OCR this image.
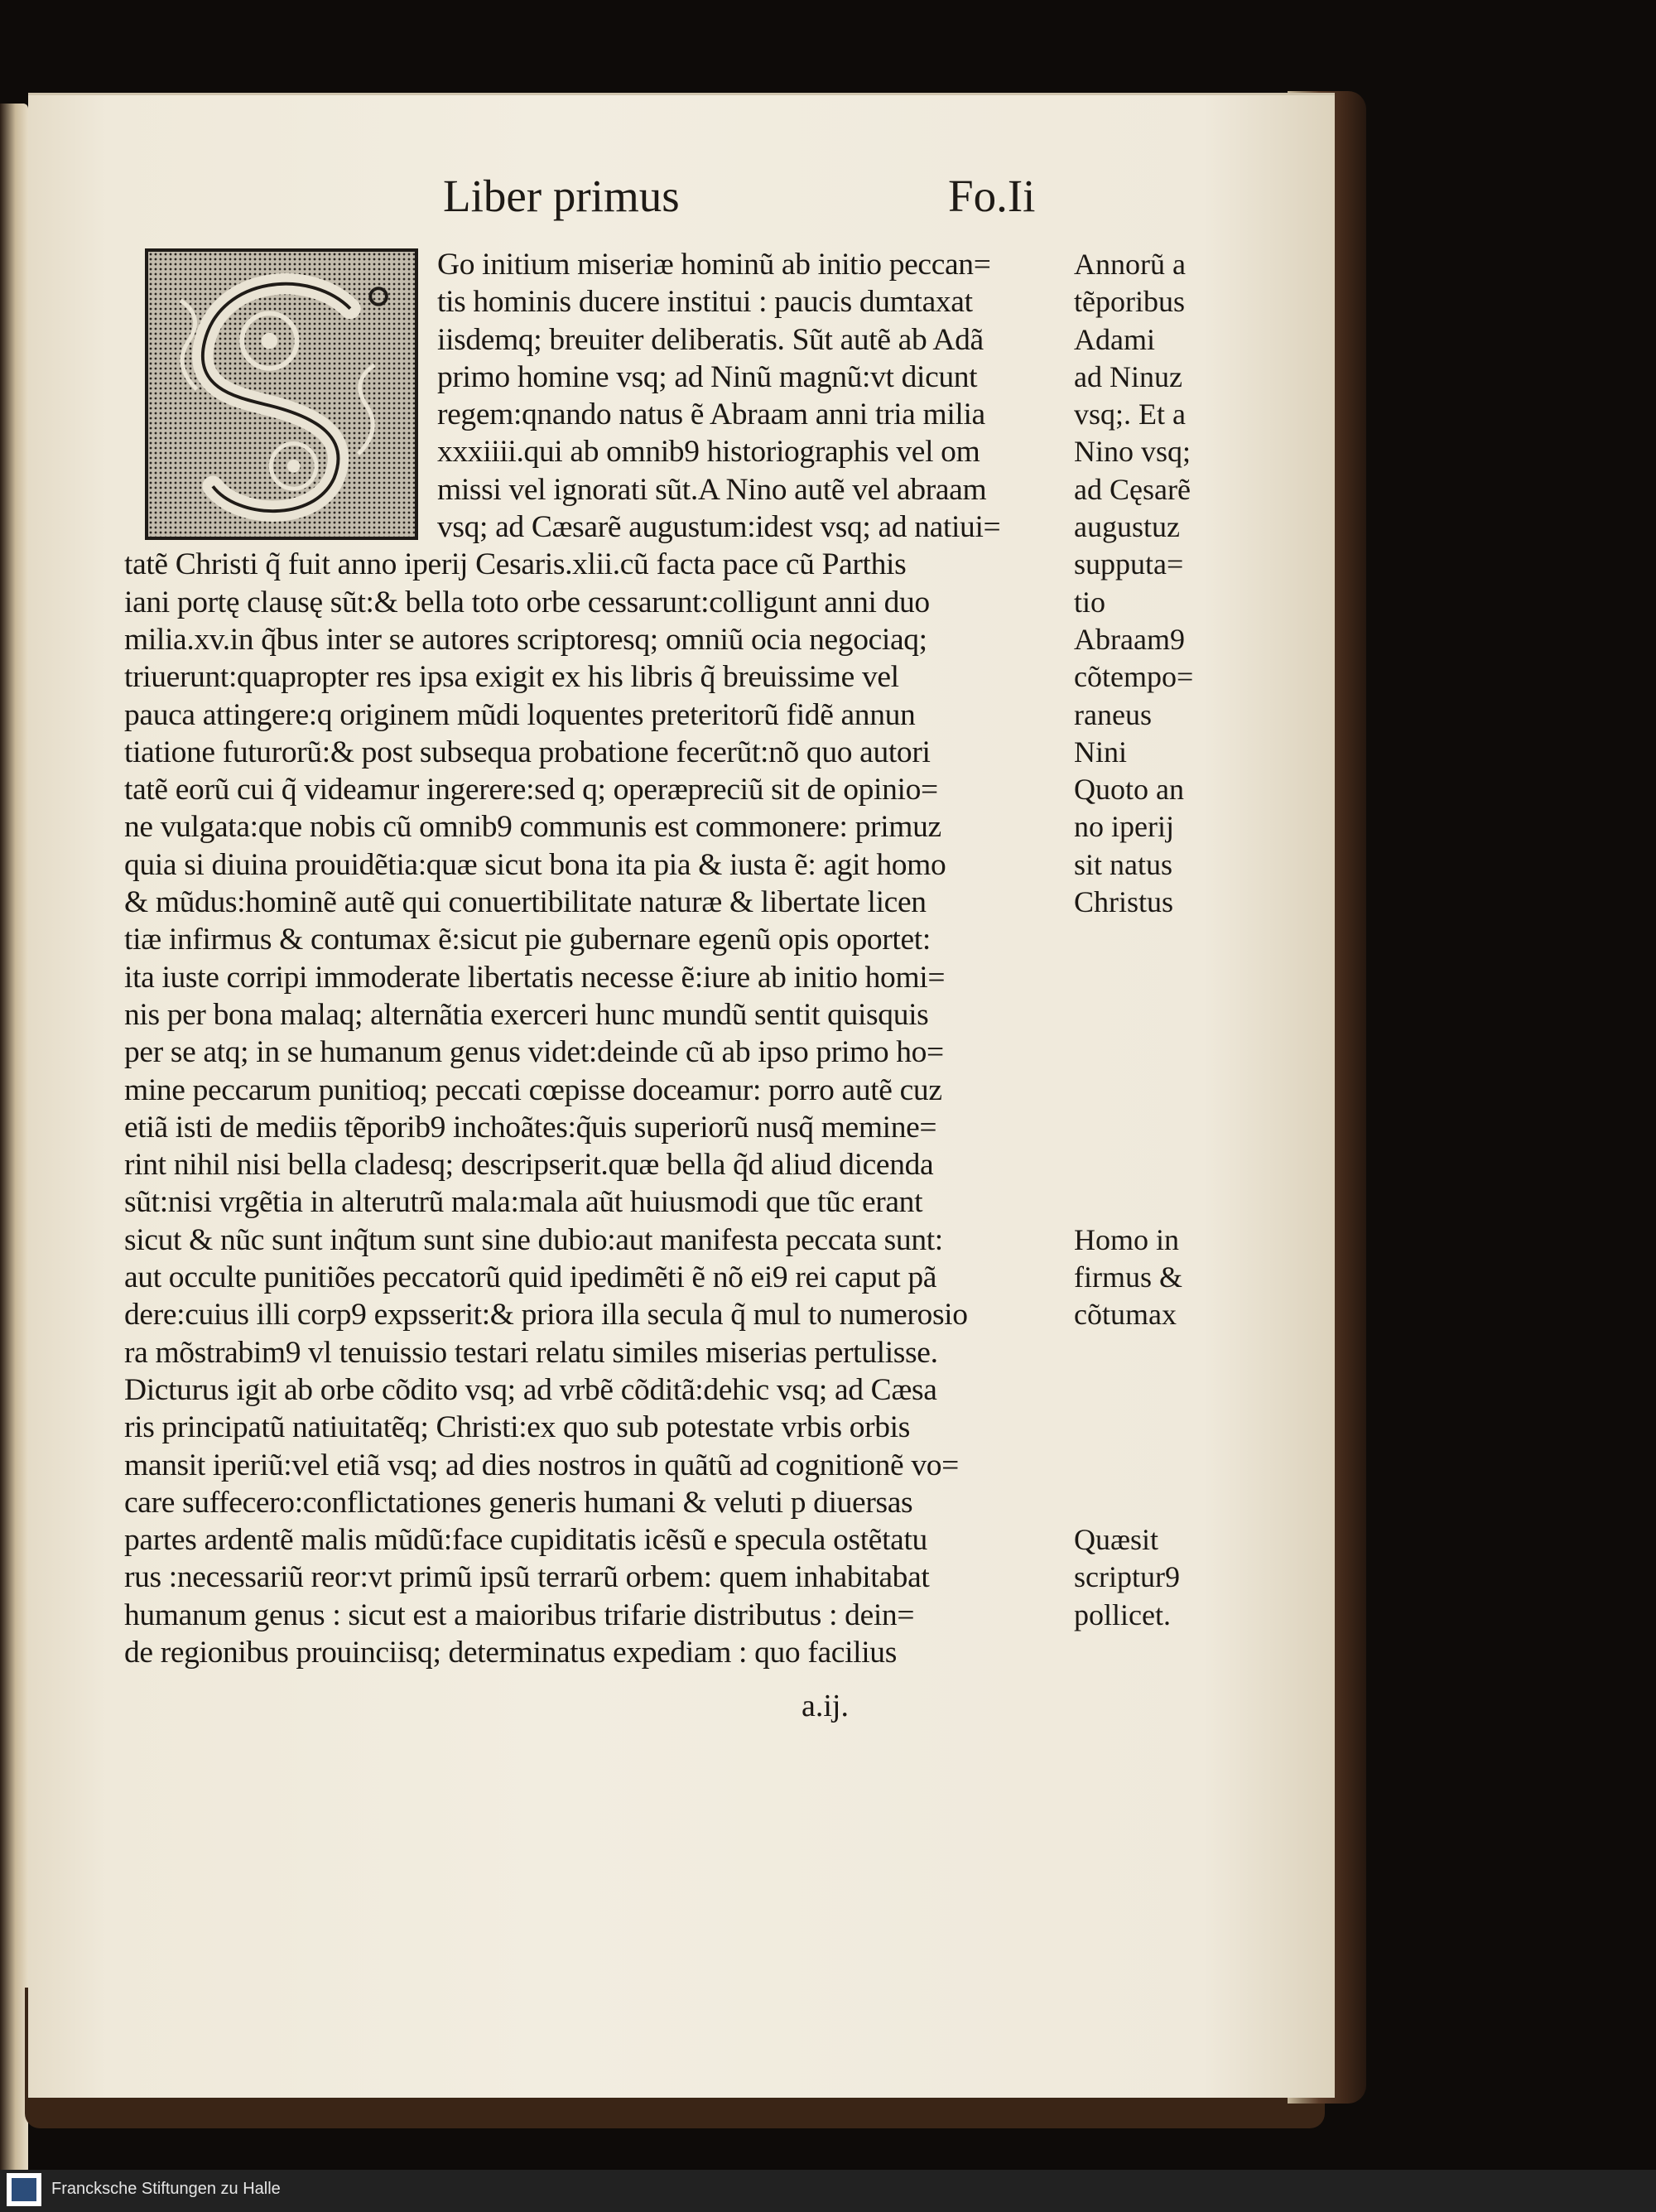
Liber primus	Fo.Ii
Go initium miseriæ hominũ ab initio peccan=
tis hominis ducere institui : paucis dumtaxat
iisdemq; breuiter deliberatis. Sũt autẽ ab Adã
primo homine vsq; ad Ninũ magnũ:vt dicunt
regem:qnando natus ẽ Abraam anni tria milia
xxxiiii.qui ab omnib9 historiographis vel om
missi vel ignorati sũt.A Nino autẽ vel abraam
vsq; ad Cæsarẽ augustum:idest vsq; ad natiui=
tatẽ Christi q̃ fuit anno iperij Cesaris.xlii.cũ facta pace cũ Parthis
iani portę clausę sũt:& bella toto orbe cessarunt:colligunt anni duo
milia.xv.in q̃bus inter se autores scriptoresq; omniũ ocia negociaq;
triuerunt:quapropter res ipsa exigit ex his libris q̃ breuissime vel
pauca attingere:q originem mũdi loquentes preteritorũ fidẽ annun
tiatione futurorũ:& post subsequa probatione fecerũt:nõ quo autori
tatẽ eorũ cui q̃ videamur ingerere:sed q; operæpreciũ sit de opinio=
ne vulgata:que nobis cũ omnib9 communis est commonere: primuz
quia si diuina prouidẽtia:quæ sicut bona ita pia & iusta ẽ: agit homo
& mũdus:hominẽ autẽ qui conuertibilitate naturæ & libertate licen
tiæ infirmus & contumax ẽ:sicut pie gubernare egenũ opis oportet:
ita iuste corripi immoderate libertatis necesse ẽ:iure ab initio homi=
nis per bona malaq; alternãtia exerceri hunc mundũ sentit quisquis
per se atq; in se humanum genus videt:deinde cũ ab ipso primo ho=
mine peccarum punitioq; peccati cœpisse doceamur: porro autẽ cuz
etiã isti de mediis tẽporib9 inchoãtes:q̃uis superiorũ nusq̃ memine=
rint nihil nisi bella cladesq; descripserit.quæ bella q̃d aliud dicenda
sũt:nisi vrgẽtia in alterutrũ mala:mala aũt huiusmodi que tũc erant
sicut & nũc sunt inq̃tum sunt sine dubio:aut manifesta peccata sunt:
aut occulte punitiões peccatorũ quid ipedimẽti ẽ nõ ei9 rei caput pã
dere:cuius illi corp9 expsserit:& priora illa secula q̃ mul to numerosio
ra mõstrabim9 vl tenuissio testari relatu similes miserias pertulisse.
Dicturus igit ab orbe cõdito vsq; ad vrbẽ cõditã:dehic vsq; ad Cæsa
ris principatũ natiuitatẽq; Christi:ex quo sub potestate vrbis orbis
mansit iperiũ:vel etiã vsq; ad dies nostros in quãtũ ad cognitionẽ vo=
care suffecero:conflictationes generis humani & veluti p diuersas
partes ardentẽ malis mũdũ:face cupiditatis icẽsũ e specula ostẽtatu
rus :necessariũ reor:vt primũ ipsũ terrarũ orbem: quem inhabitabat
humanum genus : sicut est a maioribus trifarie distributus : dein=
de regionibus prouinciisq; determinatus expediam : quo facilius
Annorũ a
tẽporibus
Adami
ad Ninuz
vsq;. Et a
Nino vsq;
ad Cęsarẽ
augustuz
supputa=
tio
Abraam9
cõtempo=
raneus
Nini
Quoto an
no iperij
sit natus
Christus
Homo in
firmus &
cõtumax
Quæsit
scriptur9
pollicet.
a.ij.
Francksche Stiftungen zu Halle
